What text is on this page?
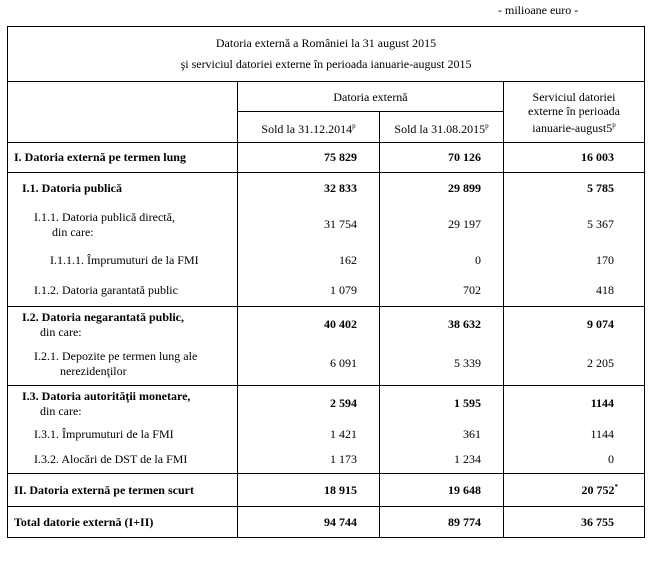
- milioane euro -
Datoria externă a României la 31 august 2015
şi serviciul datoriei externe în perioada ianuarie-august 2015			

	Datoria externă		Serviciul datoriei
externe în perioada
ianuarie-august5$^p$

	Sold la 31.12.2014$^p$	Sold la 31.08.2015$^p$
I. Datoria externă pe termen lung	75 829	70 126	16 003
I.1. Datoria publică	32 833	29 899	5 785
I.1.1. Datoria publică directă,
din care:	31 754	29 197	5 367
I.1.1.1. Împrumuturi de la FMI	162	0	170
I.1.2. Datoria garantată public	1 079	702	418
I.2. Datoria negarantată public,
din care:	40 402	38 632	9 074
I.2.1. Depozite pe termen lung ale
nerezidenţilor	6 091	5 339	2 205
I.3. Datoria autorităţii monetare,
din care:	2 594	1 595	1144
I.3.1. Împrumuturi de la FMI	1 421	361	1144
I.3.2. Alocări de DST de la FMI	1 173	1 234	0
II. Datoria externă pe termen scurt	18 915	19 648	20 752*
Total datorie externă (I+II)	94 744	89 774	36 755
